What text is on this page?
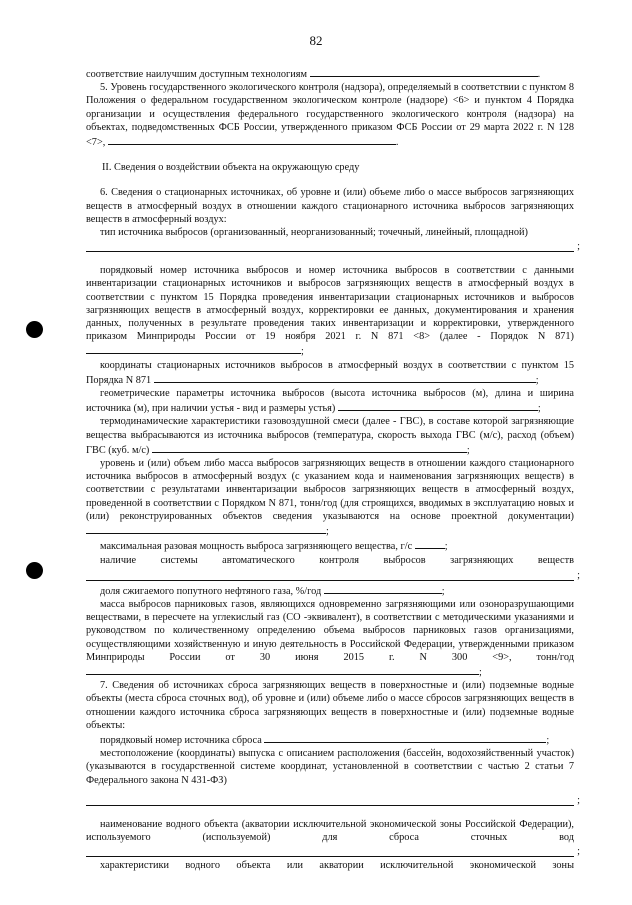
82

соответствие наилучшим доступным технологиям	.

5. Уровень государственного экологического контроля (надзора), определяемый в соответствии с пунктом 8 Положения о федеральном государственном экологическом контроле (надзоре) <6> и пунктом 4 Порядка организации и осуществления федерального государственного экологического контроля (надзора) на объектах, подведомственных ФСБ России, утвержденного приказом ФСБ России от 29 марта 2022 г. N 128 <7>,	.

II. Сведения о воздействии объекта на окружающую среду

6. Сведения о стационарных источниках, об уровне и (или) объеме либо о массе выбросов загрязняющих веществ в атмосферный воздух в отношении каждого стационарного источника выбросов загрязняющих веществ в атмосферный воздух:

тип источника выбросов (организованный, неорганизованный; точечный, линейный, площадной)

;

порядковый номер источника выбросов и номер источника выбросов в соответствии с данными инвентаризации стационарных источников и выбросов загрязняющих веществ в атмосферный воздух в соответствии с пунктом 15 Порядка проведения инвентаризации стационарных источников и выбросов загрязняющих веществ в атмосферный воздух, корректировки ее данных, документирования и хранения данных, полученных в результате проведения таких инвентаризации и корректировки, утвержденного приказом Минприроды России от 19 ноября 2021 г. N 871 <8> (далее - Порядок N 871) ;

координаты стационарных источников выбросов в атмосферный воздух в соответствии с пунктом 15 Порядка N 871	;

геометрические параметры источника выбросов (высота источника выбросов (м), длина и ширина источника (м), при наличии устья - вид и размеры устья)	;

термодинамические характеристики газовоздушной смеси (далее - ГВС), в составе которой загрязняющие вещества выбрасываются из источника выбросов (температура, скорость выхода ГВС (м/с), расход (объем) ГВС (куб. м/с)	;

уровень и (или) объем либо масса выбросов загрязняющих веществ в отношении каждого стационарного источника выбросов в атмосферный воздух (с указанием кода и наименования загрязняющих веществ) в соответствии с результатами инвентаризации выбросов загрязняющих веществ в атмосферный воздух, проведенной в соответствии с Порядком N 871, тонн/год (для строящихся, вводимых в эксплуатацию новых и (или) реконструированных объектов сведения указываются на основе проектной документации) ;

максимальная разовая мощность выброса загрязняющего вещества, г/с	;

наличие системы автоматического контроля выбросов загрязняющих веществ

;

доля сжигаемого попутного нефтяного газа, %/год	;

масса выбросов парниковых газов, являющихся одновременно загрязняющими или озоноразрушающими веществами, в пересчете на углекислый газ (CO -эквивалент), в соответствии с методическими указаниями и руководством по количественному определению объема выбросов парниковых газов организациями, осуществляющими хозяйственную и иную деятельность в Российской Федерации, утвержденными приказом Минприроды России от 30 июня 2015 г. N 300 <9>, тонн/год ;

7. Сведения об источниках сброса загрязняющих веществ в поверхностные и (или) подземные водные объекты (места сброса сточных вод), об уровне и (или) объеме либо о массе сбросов загрязняющих веществ в отношении каждого источника сброса загрязняющих веществ в поверхностные и (или) подземные водные объекты:

порядковый номер источника сброса	;

местоположение (координаты) выпуска с описанием расположения (бассейн, водохозяйственный участок) (указываются в государственной системе координат, установленной в соответствии с частью 2 статьи 7 Федерального закона N 431-ФЗ)

;

наименование водного объекта (акватории исключительной экономической зоны Российской Федерации), используемого (используемой) для сброса сточных вод

;

характеристики водного объекта или акватории исключительной экономической зоны
